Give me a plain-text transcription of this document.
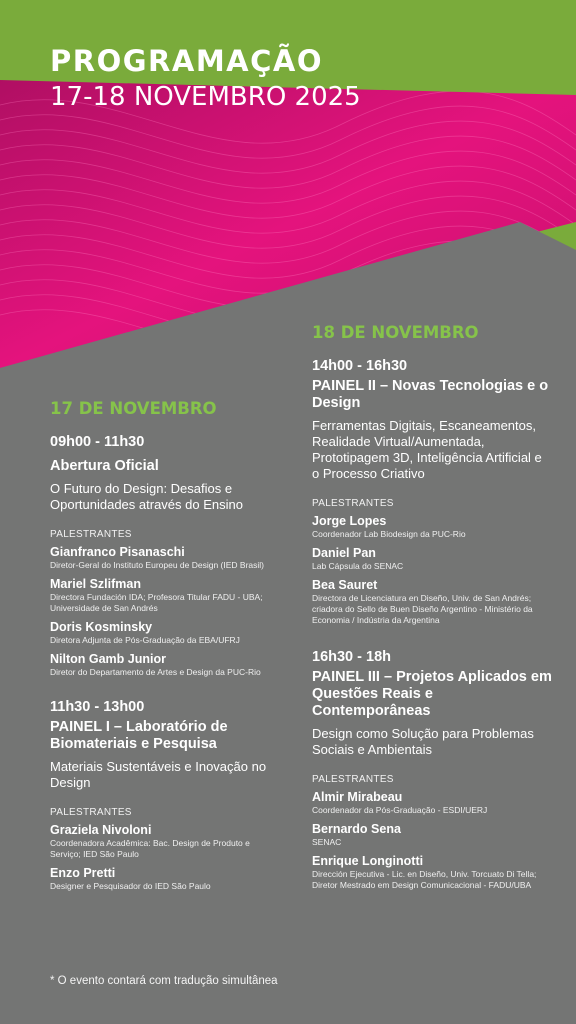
PROGRAMAÇÃO
17-18 NOVEMBRO 2025
17 DE NOVEMBRO
09h00 - 11h30
Abertura Oficial
O Futuro do Design: Desafios e Oportunidades através do Ensino
PALESTRANTES
Gianfranco Pisanaschi
Diretor-Geral do Instituto Europeu de Design (IED Brasil)
Mariel Szlifman
Directora Fundación IDA; Profesora Titular FADU - UBA; Universidade de San Andrés
Doris Kosminsky
Diretora Adjunta de Pós-Graduação da EBA/UFRJ
Nilton Gamb Junior
Diretor do Departamento de Artes e Design da PUC-Rio
11h30 - 13h00
PAINEL I – Laboratório de Biomateriais e Pesquisa
Materiais Sustentáveis e Inovação no Design
PALESTRANTES
Graziela Nivoloni
Coordenadora Acadêmica: Bac. Design de Produto e Serviço; IED São Paulo
Enzo Pretti
Designer e Pesquisador do IED São Paulo
18 DE NOVEMBRO
14h00 - 16h30
PAINEL II – Novas Tecnologias e o Design
Ferramentas Digitais, Escaneamentos, Realidade Virtual/Aumentada, Prototipagem 3D, Inteligência Artificial e o Processo Criativo
PALESTRANTES
Jorge Lopes
Coordenador Lab Biodesign da PUC-Rio
Daniel Pan
Lab Cápsula do SENAC
Bea Sauret
Directora de Licenciatura en Diseño, Univ. de San Andrés; criadora do Sello de Buen Diseño Argentino - Ministério da Economia / Indústria da Argentina
16h30 - 18h
PAINEL III – Projetos Aplicados em Questões Reais e Contemporâneas
Design como Solução para Problemas Sociais e Ambientais
PALESTRANTES
Almir Mirabeau
Coordenador da Pós-Graduação - ESDI/UERJ
Bernardo Sena
SENAC
Enrique Longinotti
Dirección Ejecutiva - Lic. en Diseño, Univ. Torcuato Di Tella; Diretor Mestrado em Design Comunicacional - FADU/UBA
* O evento contará com tradução simultânea
